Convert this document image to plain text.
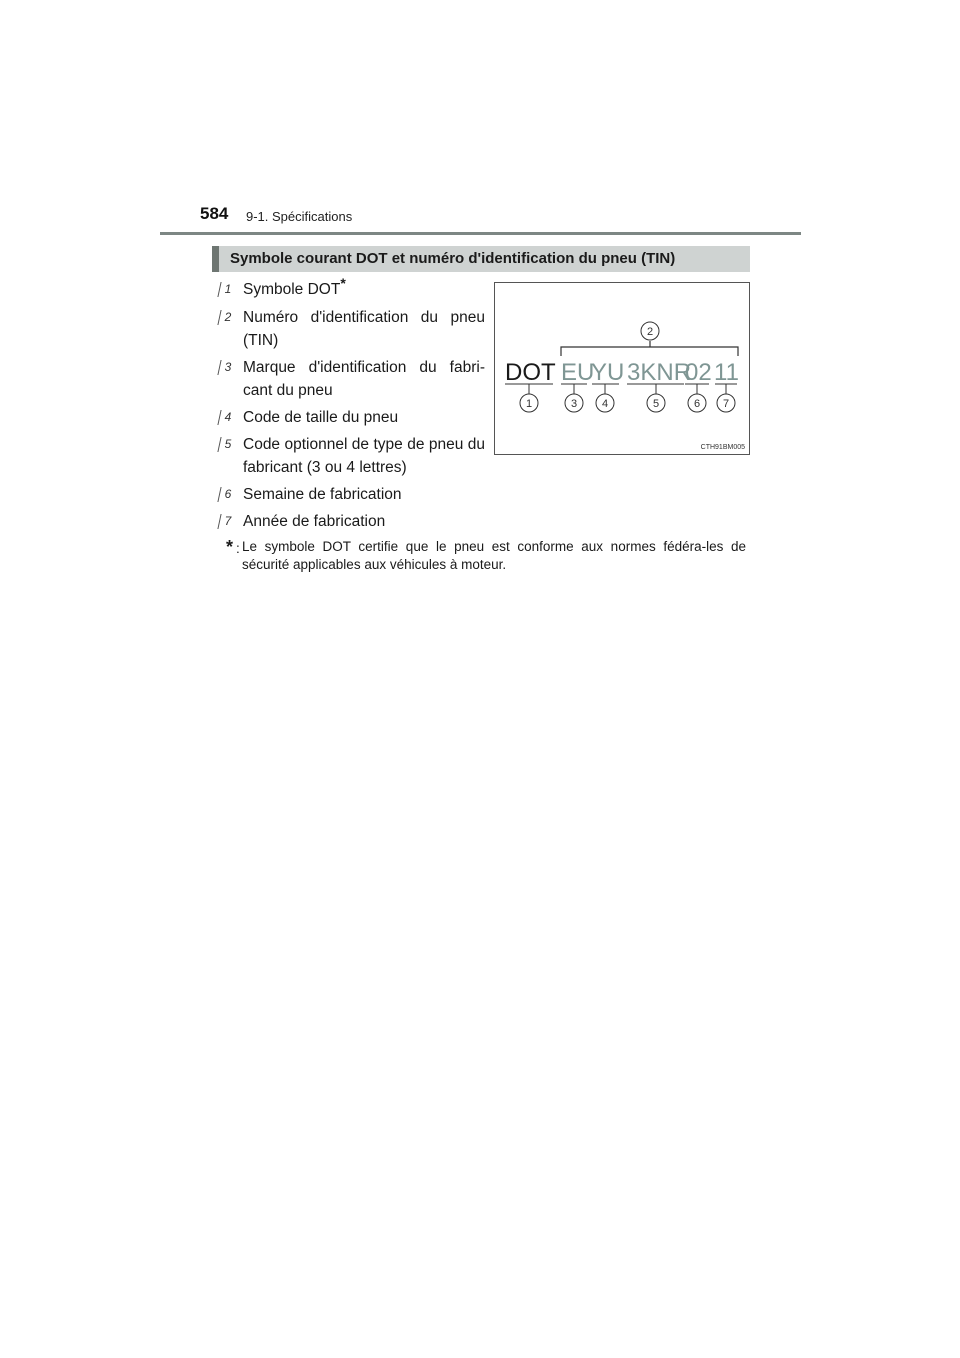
584 9-1. Spécifications
Symbole courant DOT et numéro d'identification du pneu (TIN)
1 Symbole DOT*
2 Numéro d'identification du pneu (TIN)
3 Marque d'identification du fabri-cant du pneu
4 Code de taille du pneu
5 Code optionnel de type de pneu du fabricant (3 ou 4 lettres)
6 Semaine de fabrication
7 Année de fabrication
* : Le symbole DOT certifie que le pneu est conforme aux normes fédéra-les de sécurité applicables aux véhicules à moteur.
2
DOT EU
YU 3KNR
02 11
1	3 4	5	6 7
CTH91BM005
